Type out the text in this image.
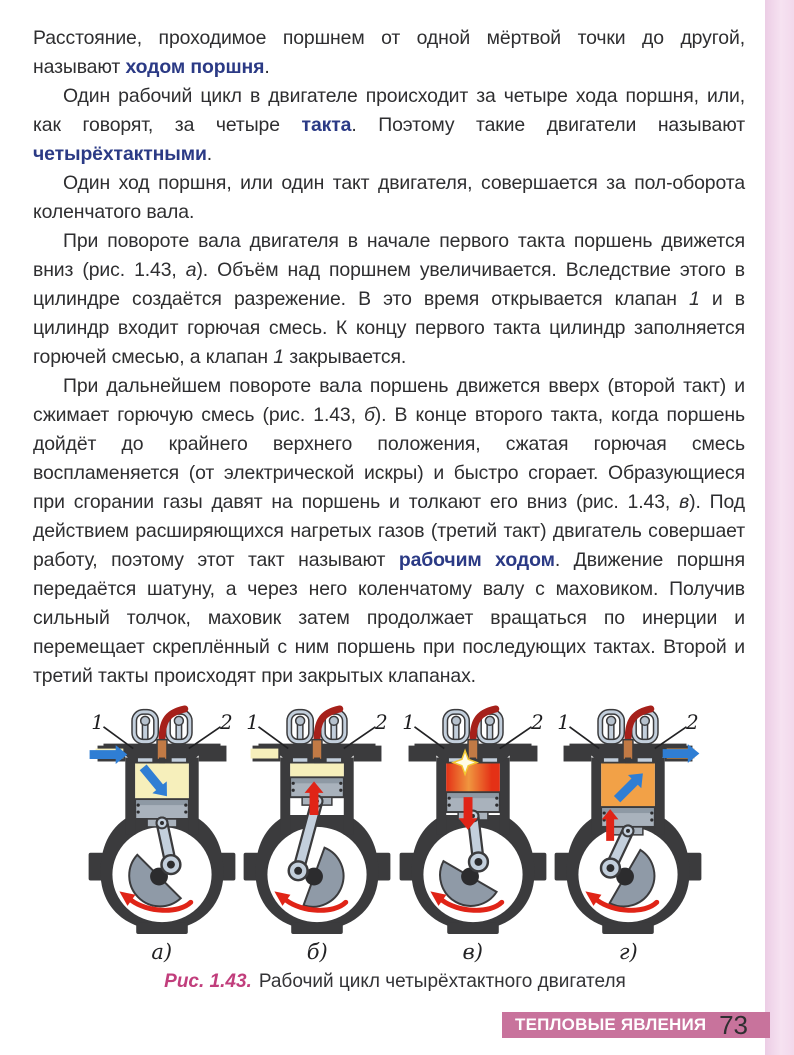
Расстояние, проходимое поршнем от одной мёртвой точки до другой, называют ходом поршня.

Один рабочий цикл в двигателе происходит за четыре хода поршня, или, как говорят, за четыре такта. Поэтому такие двигатели называют четырёхтактными.

Один ход поршня, или один такт двигателя, совершается за пол-оборота коленчатого вала.

При повороте вала двигателя в начале первого такта поршень движется вниз (рис. 1.43, а). Объём над поршнем увеличивается. Вследствие этого в цилиндре создаётся разрежение. В это время открывается клапан 1 и в цилиндр входит горючая смесь. К концу первого такта цилиндр заполняется горючей смесью, а клапан 1 закрывается.

При дальнейшем повороте вала поршень движется вверх (второй такт) и сжимает горючую смесь (рис. 1.43, б). В конце второго такта, когда поршень дойдёт до крайнего верхнего положения, сжатая горючая смесь воспламеняется (от электрической искры) и быстро сгорает. Образующиеся при сгорании газы давят на поршень и толкают его вниз (рис. 1.43, в). Под действием расширяющихся нагретых газов (третий такт) двигатель совершает работу, поэтому этот такт называют рабочим ходом. Движение поршня передаётся шатуну, а через него коленчатому валу с маховиком. Получив сильный толчок, маховик затем продолжает вращаться по инерции и перемещает скреплённый с ним поршень при последующих тактах. Второй и третий такты происходят при закрытых клапанах.

1	2 1	2 1	2 1	2
а)	б)	в)	г)
Рис. 1.43. Рабочий цикл четырёхтактного двигателя
ТЕПЛОВЫЕ ЯВЛЕНИЯ 73
